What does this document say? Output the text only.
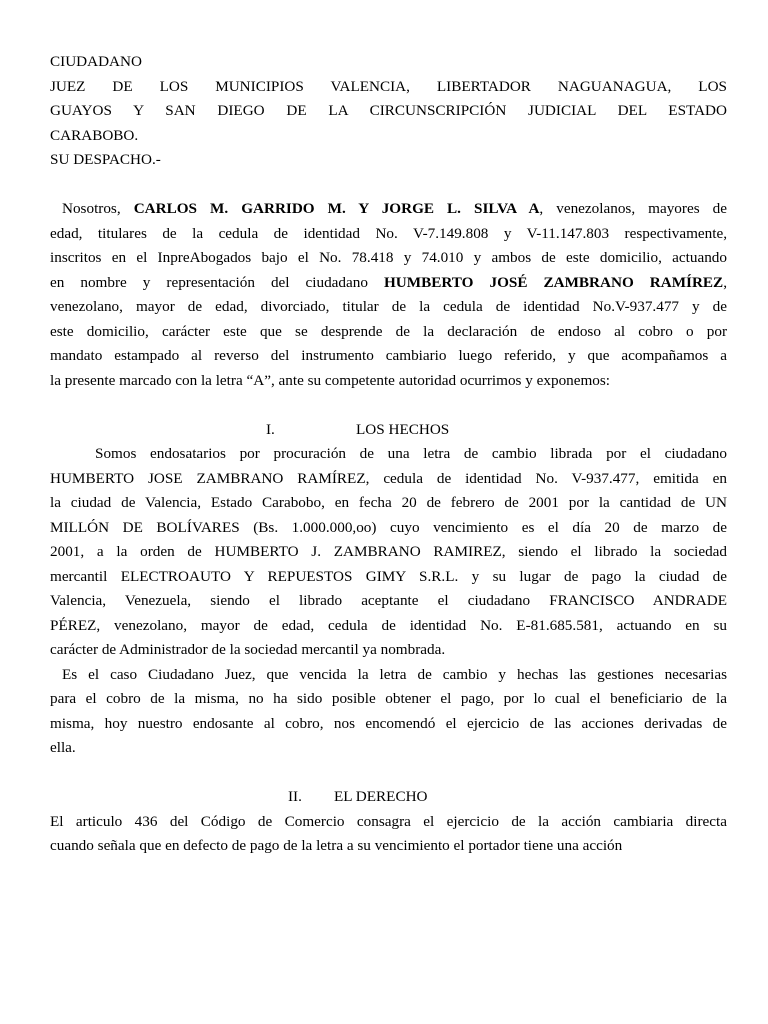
CIUDADANO
JUEZ DE LOS MUNICIPIOS VALENCIA, LIBERTADOR NAGUANAGUA, LOS
GUAYOS Y SAN DIEGO DE LA CIRCUNSCRIPCIÓN JUDICIAL DEL ESTADO
CARABOBO.
SU DESPACHO.-
Nosotros, CARLOS M. GARRIDO M. Y JORGE L. SILVA A, venezolanos, mayores de
edad, titulares de la cedula de identidad No. V-7.149.808 y V-11.147.803 respectivamente,
inscritos en el InpreAbogados bajo el No. 78.418 y 74.010 y ambos de este domicilio, actuando
en nombre y representación del ciudadano HUMBERTO JOSÉ ZAMBRANO RAMÍREZ,
venezolano, mayor de edad, divorciado, titular de la cedula de identidad No.V-937.477 y de
este domicilio, carácter este que se desprende de la declaración de endoso al cobro o por
mandato estampado al reverso del instrumento cambiario luego referido, y que acompañamos a
la presente marcado con la letra “A”, ante su competente autoridad ocurrimos y exponemos:
I.	LOS HECHOS
Somos endosatarios por procuración de una letra de cambio librada por el ciudadano
HUMBERTO JOSE ZAMBRANO RAMÍREZ, cedula de identidad No. V-937.477, emitida en
la ciudad de Valencia, Estado Carabobo, en fecha 20 de febrero de 2001 por la cantidad de UN
MILLÓN DE BOLÍVARES (Bs. 1.000.000,oo) cuyo vencimiento es el día 20 de marzo de
2001, a la orden de HUMBERTO J. ZAMBRANO RAMIREZ, siendo el librado la sociedad
mercantil ELECTROAUTO Y REPUESTOS GIMY S.R.L. y su lugar de pago la ciudad de
Valencia, Venezuela, siendo el librado aceptante el ciudadano FRANCISCO ANDRADE
PÉREZ, venezolano, mayor de edad, cedula de identidad No. E-81.685.581, actuando en su
carácter de Administrador de la sociedad mercantil ya nombrada.
Es el caso Ciudadano Juez, que vencida la letra de cambio y hechas las gestiones necesarias
para el cobro de la misma, no ha sido posible obtener el pago, por lo cual el beneficiario de la
misma, hoy nuestro endosante al cobro, nos encomendó el ejercicio de las acciones derivadas de
ella.
II. EL DERECHO
El articulo 436 del Código de Comercio consagra el ejercicio de la acción cambiaria directa
cuando señala que en defecto de pago de la letra a su vencimiento el portador tiene una acción
